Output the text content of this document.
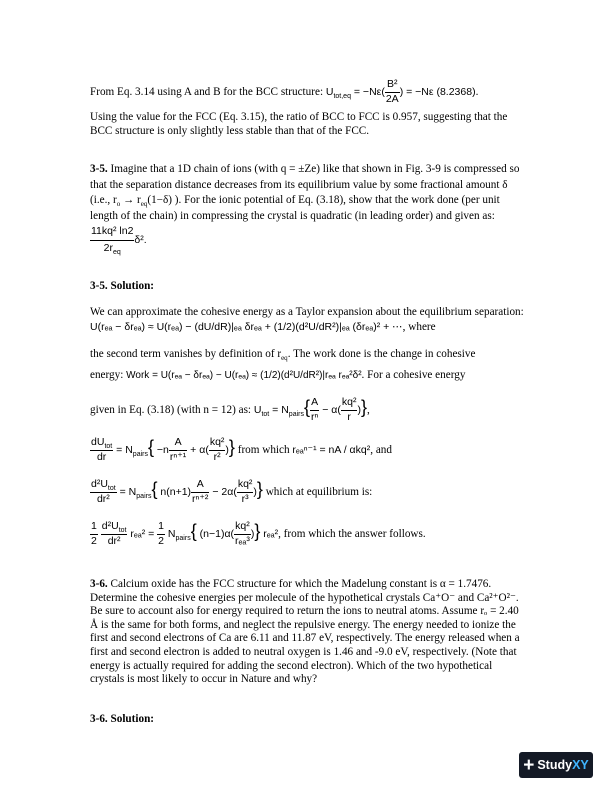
From Eq. 3.14 using A and B for the BCC structure: $U_{tot,eq} = -N\varepsilon( \frac{\text{B²}}{2A}$ ) = −Nε (8.2368).
Using the value for the FCC (Eq. 3.15), the ratio of BCC to FCC is 0.957, suggesting that the BCC structure is only slightly less stable than that of the FCC.
3-5. Imagine that a 1D chain of ions (with q = ±Ze) like that shown in Fig. 3-9 is compressed so that the separation distance decreases from its equilibrium value by some fractional amount δ (i.e., $r_o \to r_{eq}(1-\delta)$ ). For the ionic potential of Eq. (3.18), show that the work done (per unit length of the chain) in compressing the crystal is quadratic (in leading order) and given as:
$\frac{\text{11kq² ln2}}{2r_{eq}} \delta^2$.
3-5. Solution:
We can approximate the cohesive energy as a Taylor expansion about the equilibrium separation: U(rₑₐ − δrₑₐ) ≈ U(rₑₐ) − (dU/dR)|ₑₐ δrₑₐ + (1/2)(d²U/dR²)|ₑₐ (δrₑₐ)² + ⋯, where
the second term vanishes by definition of $r_{eq}$. The work done is the change in cohesive
energy: Work = U(rₑₐ − δrₑₐ) − U(rₑₐ) ≈ (1/2)(d²U/dR²)|rₑₐ rₑₐ²δ². For a cohesive energy
given in Eq. (3.18) (with n = 12) as: $U_{tot} = N_{pairs}\{ \frac{A}{\text{rⁿ}} - \alpha( \frac{\text{kq²}}{r}$ )},
$\frac{dU_{tot}}{dr} = N_{pairs}\{ -n \frac{A}{\text{rⁿ⁺¹}} + \alpha( \frac{\text{kq²}}{\text{r²}}$ )} from which rₑₐⁿ⁻¹ = nA / αkq², and
$\frac{d^2U_{tot}}{\text{dr²}} = N_{pairs}${ $n(n+1) \frac{A}{\text{rⁿ⁺²}} - 2\alpha( \frac{\text{kq²}}{\text{r³}}$ )} which at equilibrium is:
$\frac{1}{2}$
$\frac{d^2U_{tot}}{\text{dr²}} r_{ea}^2 = \frac{1}{2} N_{pairs}${ $(n-1)\alpha( \frac{\text{kq²}}{\text{rₑₐ³}}$ )} rₑₐ², from which the answer follows.
3-6. Calcium oxide has the FCC structure for which the Madelung constant is α = 1.7476. Determine the cohesive energies per molecule of the hypothetical crystals Ca⁺O⁻ and Ca²⁺O²⁻. Be sure to account also for energy required to return the ions to neutral atoms. Assume rₒ = 2.40 Å is the same for both forms, and neglect the repulsive energy. The energy needed to ionize the first and second electrons of Ca are 6.11 and 11.87 eV, respectively. The energy released when a first and second electron is added to neutral oxygen is 1.46 and -9.0 eV, respectively. (Note that energy is actually required for adding the second electron). Which of the two hypothetical crystals is most likely to occur in Nature and why?
3-6. Solution:
+ StudyXY
